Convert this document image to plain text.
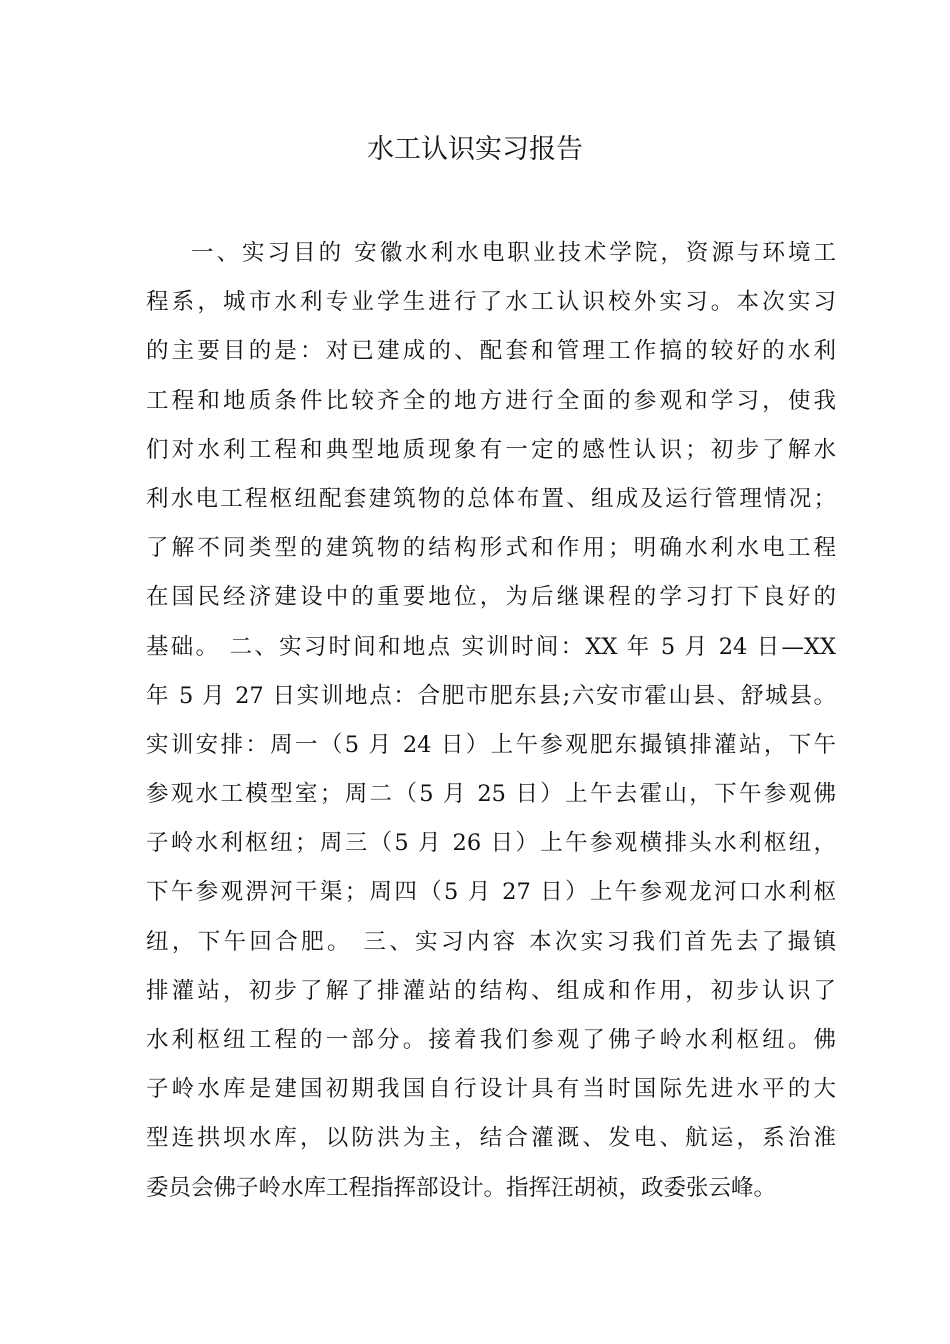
水工认识实习报告
一、实习目的 安徽水利水电职业技术学院，资源与环境工
程系，城市水利专业学生进行了水工认识校外实习。本次实习
的主要目的是：对已建成的、配套和管理工作搞的较好的水利
工程和地质条件比较齐全的地方进行全面的参观和学习，使我
们对水利工程和典型地质现象有一定的感性认识；初步了解水
利水电工程枢纽配套建筑物的总体布置、组成及运行管理情况；
了解不同类型的建筑物的结构形式和作用；明确水利水电工程
在国民经济建设中的重要地位，为后继课程的学习打下良好的
基础。 二、实习时间和地点 实训时间：XX 年 5 月 24 日—XX
年 5 月 27 日实训地点：合肥市肥东县;六安市霍山县、舒城县。
实训安排：周一（5 月 24 日）上午参观肥东撮镇排灌站，下午
参观水工模型室；周二（5 月 25 日）上午去霍山，下午参观佛
子岭水利枢纽；周三（5 月 26 日）上午参观横排头水利枢纽，
下午参观淠河干渠；周四（5 月 27 日）上午参观龙河口水利枢
纽，下午回合肥。 三、实习内容 本次实习我们首先去了撮镇
排灌站，初步了解了排灌站的结构、组成和作用，初步认识了
水利枢纽工程的一部分。接着我们参观了佛子岭水利枢纽。佛
子岭水库是建国初期我国自行设计具有当时国际先进水平的大
型连拱坝水库，以防洪为主，结合灌溉、发电、航运，系治淮
委员会佛子岭水库工程指挥部设计。指挥汪胡祯，政委张云峰。
